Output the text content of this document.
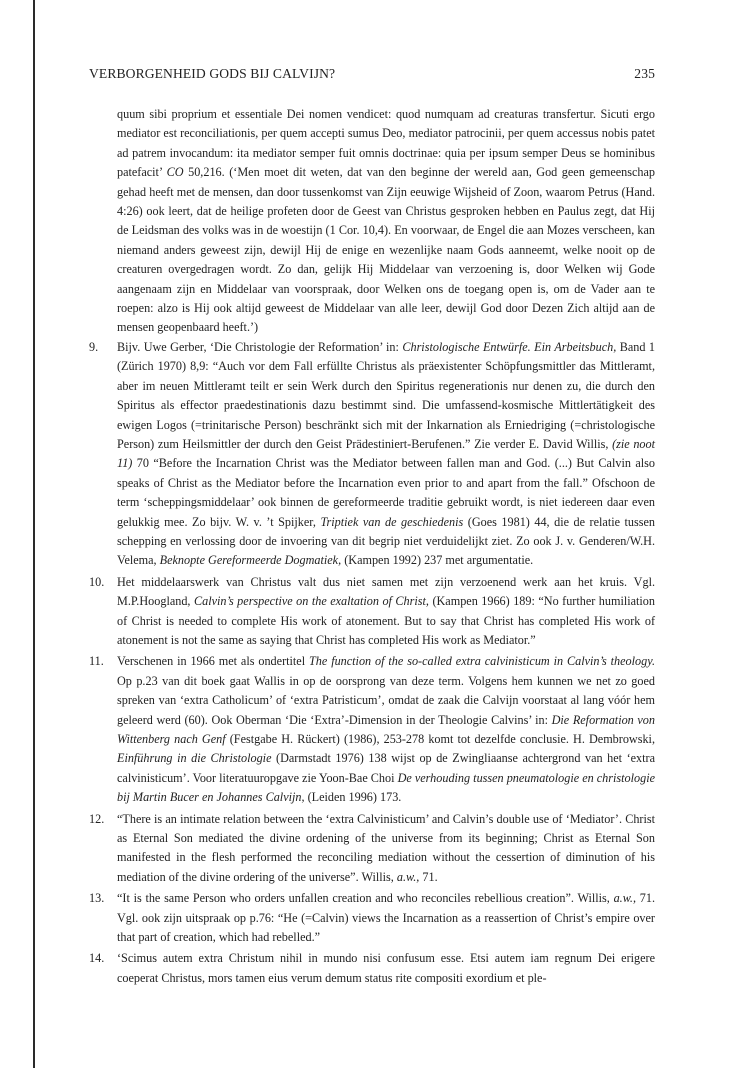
VERBORGENHEID GODS BIJ CALVIJN?	235

quum sibi proprium et essentiale Dei nomen vendicet: quod numquam ad creaturas transfertur. Sicuti ergo mediator est reconciliationis, per quem accepti sumus Deo, mediator patrocinii, per quem accessus nobis patet ad patrem invocandum: ita mediator semper fuit omnis doctrinae: quia per ipsum semper Deus se hominibus patefacit’ CO 50,216. (‘Men moet dit weten, dat van den beginne der wereld aan, God geen gemeenschap gehad heeft met de mensen, dan door tussenkomst van Zijn eeuwige Wijsheid of Zoon, waarom Petrus (Hand. 4:26) ook leert, dat de heilige profeten door de Geest van Christus gesproken hebben en Paulus zegt, dat Hij de Leidsman des volks was in de woestijn (1 Cor. 10,4). En voorwaar, de Engel die aan Mozes verscheen, kan niemand anders geweest zijn, dewijl Hij de enige en wezenlijke naam Gods aanneemt, welke nooit op de creaturen overgedragen wordt. Zo dan, gelijk Hij Middelaar van verzoening is, door Welken wij Gode aangenaam zijn en Middelaar van voorspraak, door Welken ons de toegang open is, om de Vader aan te roepen: alzo is Hij ook altijd geweest de Middelaar van alle leer, dewijl God door Dezen Zich altijd aan de mensen geopenbaard heeft.’)

9. Bijv. Uwe Gerber, ‘Die Christologie der Reformation’ in: Christologische Entwürfe. Ein Arbeitsbuch, Band 1 (Zürich 1970) 8,9: “Auch vor dem Fall erfüllte Christus als präexistenter Schöpfungsmittler das Mittleramt, aber im neuen Mittleramt teilt er sein Werk durch den Spiritus regenerationis nur denen zu, die durch den Spiritus als effector praedestinationis dazu bestimmt sind. Die umfassend-kosmische Mittlertätigkeit des ewigen Logos (=trinitarische Person) beschränkt sich mit der Inkarnation als Erniedriging (=christologische Person) zum Heilsmittler der durch den Geist Prädestiniert-Berufenen.” Zie verder E. David Willis, (zie noot 11) 70 “Before the Incarnation Christ was the Mediator between fallen man and God. (...) But Calvin also speaks of Christ as the Mediator before the Incarnation even prior to and apart from the fall.” Ofschoon de term ‘scheppingsmiddelaar’ ook binnen de gereformeerde traditie gebruikt wordt, is niet iedereen daar even gelukkig mee. Zo bijv. W. v. ’t Spijker, Triptiek van de geschiedenis (Goes 1981) 44, die de relatie tussen schepping en verlossing door de invoering van dit begrip niet verduidelijkt ziet. Zo ook J. v. Genderen/W.H. Velema, Beknopte Gereformeerde Dogmatiek, (Kampen 1992) 237 met argumentatie.

10. Het middelaarswerk van Christus valt dus niet samen met zijn verzoenend werk aan het kruis. Vgl. M.P.Hoogland, Calvin’s perspective on the exaltation of Christ, (Kampen 1966) 189: “No further humiliation of Christ is needed to complete His work of atonement. But to say that Christ has completed His work of atonement is not the same as saying that Christ has completed His work as Mediator.”

11. Verschenen in 1966 met als ondertitel The function of the so-called extra calvinisticum in Calvin’s theology. Op p.23 van dit boek gaat Wallis in op de oorsprong van deze term. Volgens hem kunnen we net zo goed spreken van ‘extra Catholicum’ of ‘extra Patristicum’, omdat de zaak die Calvijn voorstaat al lang vóór hem geleerd werd (60). Ook Oberman ‘Die ‘Extra’-Dimension in der Theologie Calvins’ in: Die Reformation von Wittenberg nach Genf (Festgabe H. Rückert) (1986), 253-278 komt tot dezelfde conclusie. H. Dembrowski, Einführung in die Christologie (Darmstadt 1976) 138 wijst op de Zwingliaanse achtergrond van het ‘extra calvinisticum’. Voor literatuuropgave zie Yoon-Bae Choi De verhouding tussen pneumatologie en christologie bij Martin Bucer en Johannes Calvijn, (Leiden 1996) 173.

12. “There is an intimate relation between the ‘extra Calvinisticum’ and Calvin’s double use of ‘Mediator’. Christ as Eternal Son mediated the divine ordening of the universe from its beginning; Christ as Eternal Son manifested in the flesh performed the reconciling mediation without the cessertion of diminution of his mediation of the divine ordering of the universe”. Willis, a.w., 71.

13. “It is the same Person who orders unfallen creation and who reconciles rebellious creation”. Willis, a.w., 71. Vgl. ook zijn uitspraak op p.76: “He (=Calvin) views the Incarnation as a reassertion of Christ’s empire over that part of creation, which had rebelled.”

14. ‘Scimus autem extra Christum nihil in mundo nisi confusum esse. Etsi autem iam regnum Dei erigere coeperat Christus, mors tamen eius verum demum status rite compositi exordium et ple-
